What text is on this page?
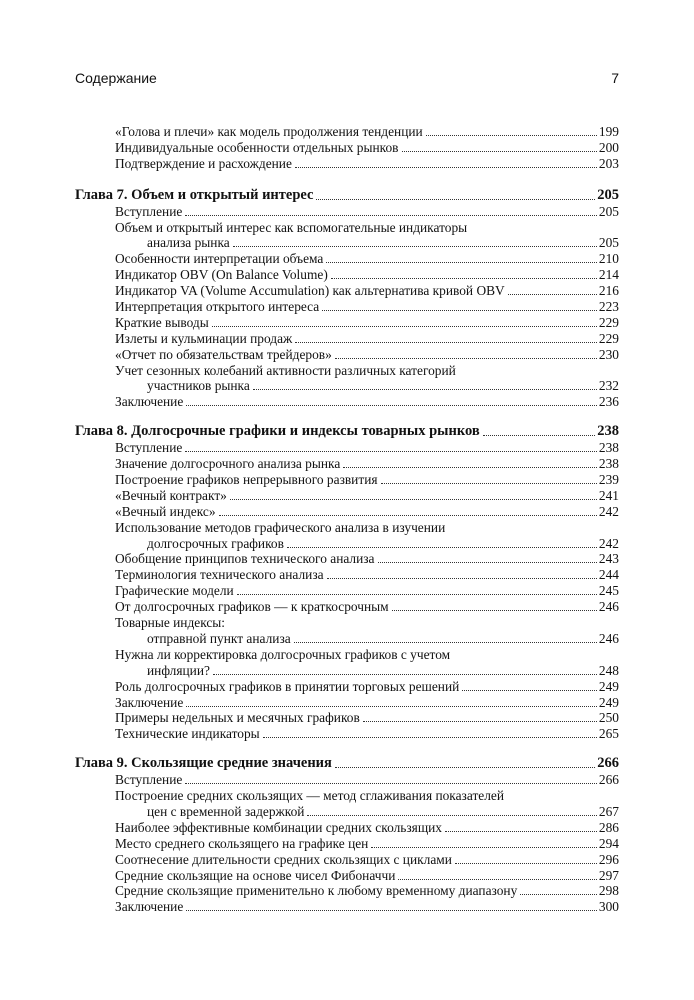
Содержание	7
«Голова и плечи» как модель продолжения тенденции	199
Индивидуальные особенности отдельных рынков	200
Подтверждение и расхождение	203
Глава 7. Объем и открытый интерес	205
Вступление	205
Объем и открытый интерес как вспомогательные индикаторы
анализа рынка	205
Особенности интерпретации объема	210
Индикатор OBV (On Balance Volume)	214
Индикатор VA (Volume Accumulation) как альтернатива кривой OBV	216
Интерпретация открытого интереса	223
Краткие выводы	229
Излеты и кульминации продаж	229
«Отчет по обязательствам трейдеров»	230
Учет сезонных колебаний активности различных категорий
участников рынка	232
Заключение	236
Глава 8. Долгосрочные графики и индексы товарных рынков	238
Вступление	238
Значение долгосрочного анализа рынка	238
Построение графиков непрерывного развития	239
«Вечный контракт»	241
«Вечный индекс»	242
Использование методов графического анализа в изучении
долгосрочных графиков	242
Обобщение принципов технического анализа	243
Терминология технического анализа	244
Графические модели	245
От долгосрочных графиков — к краткосрочным	246
Товарные индексы:
отправной пункт анализа	246
Нужна ли корректировка долгосрочных графиков с учетом
инфляции?	248
Роль долгосрочных графиков в принятии торговых решений	249
Заключение	249
Примеры недельных и месячных графиков	250
Технические индикаторы	265
Глава 9. Скользящие средние значения	266
Вступление	266
Построение средних скользящих — метод сглаживания показателей
цен с временной задержкой	267
Наиболее эффективные комбинации средних скользящих	286
Место среднего скользящего на графике цен	294
Соотнесение длительности средних скользящих с циклами	296
Средние скользящие на основе чисел Фибоначчи	297
Средние скользящие применительно к любому временному диапазону	298
Заключение	300
